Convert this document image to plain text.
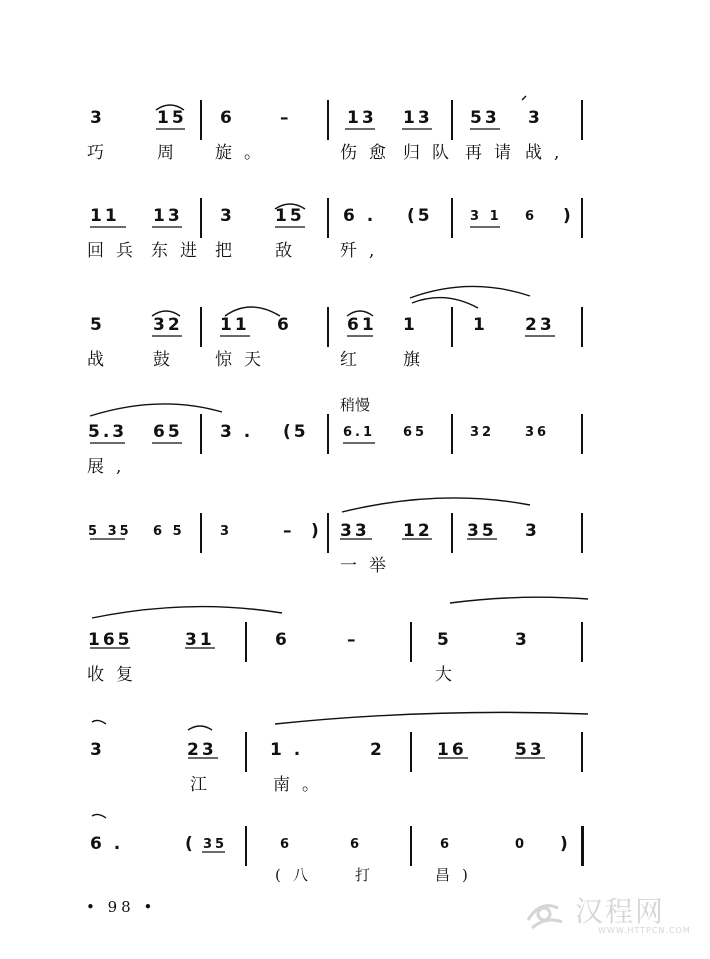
3	15 6	–	13 13 53 3
巧 周 旋。	伤愈 归队 再请 战,
11 13 3 15 6 . (5	3 1 6 )
回兵 东进 把 敌 歼,
5	32 11 6	61 1	1 23
战 鼓 惊天	红 旗
稍慢
5.3 65 3 . (5	6.1 65	32 36
展,
5 35 6 5	3	– ) 33 12 35 3
一举
165	31	6	–	5	3
收复	大
3	23	1 .	2	16	53
江	南。
6 .	( 35	6	6	6	0 )
(八 打	昌)
• 98 •	汉程网
WWW.HTTPCN.COM
